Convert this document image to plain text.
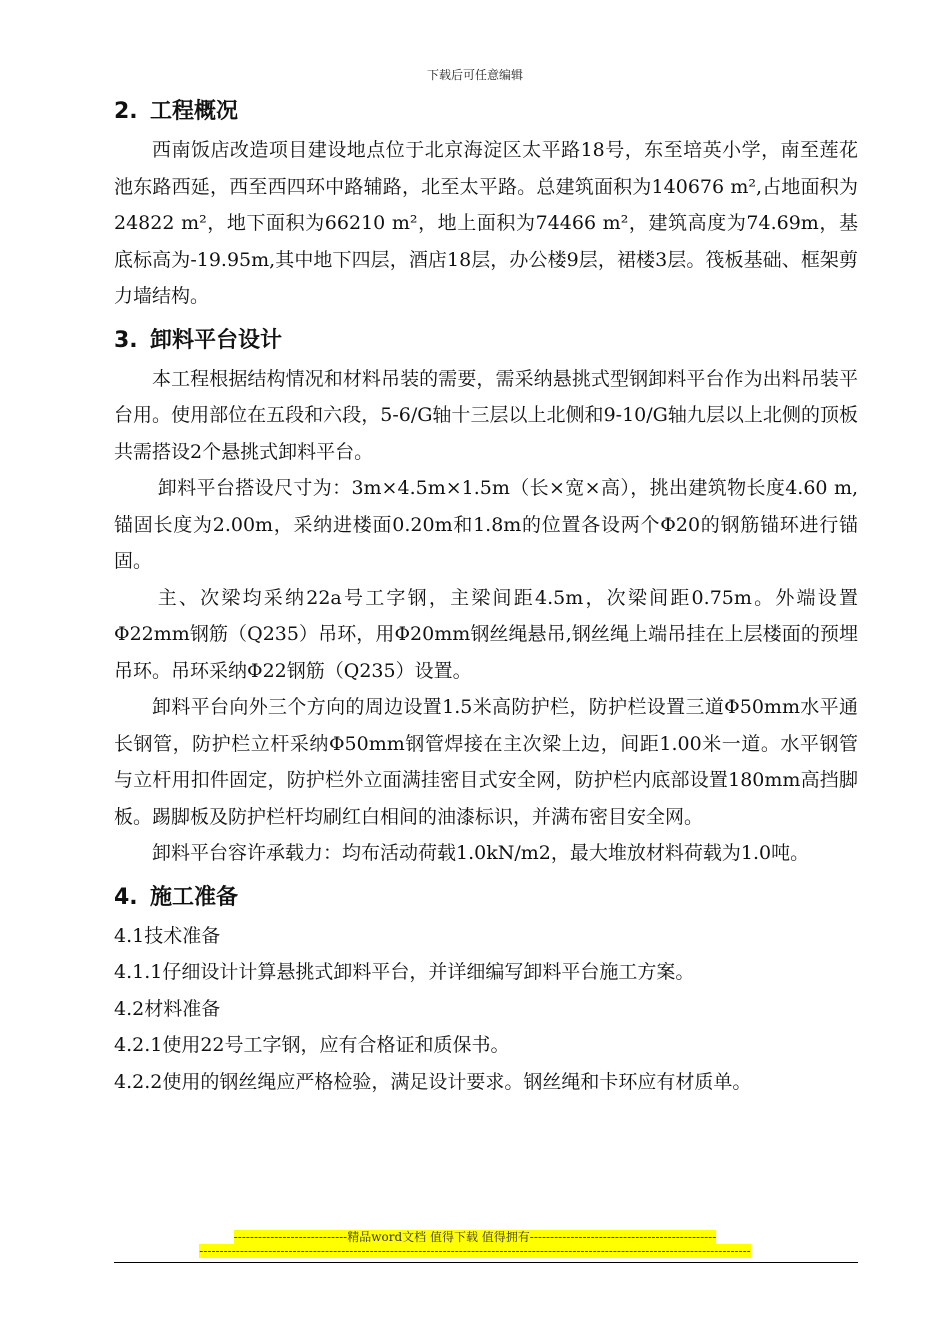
下载后可任意编辑
2. 工程概况

西南饭店改造项目建设地点位于北京海淀区太平路18号，东至培英小学，南至莲花池东路西延，西至西四环中路辅路，北至太平路。总建筑面积为140676 m²,占地面积为24822 m²，地下面积为66210 m²，地上面积为74466 m²，建筑高度为74.69m，基底标高为-19.95m,其中地下四层，酒店18层，办公楼9层，裙楼3层。筏板基础、框架剪力墙结构。

3. 卸料平台设计

本工程根据结构情况和材料吊装的需要，需采纳悬挑式型钢卸料平台作为出料吊装平台用。使用部位在五段和六段，5-6/G轴十三层以上北侧和9-10/G轴九层以上北侧的顶板共需搭设2个悬挑式卸料平台。

卸料平台搭设尺寸为：3m×4.5m×1.5m（长×宽×高），挑出建筑物长度4.60 m,锚固长度为2.00m，采纳进楼面0.20m和1.8m的位置各设两个Φ20的钢筋锚环进行锚固。

主、次梁均采纳22a号工字钢，主梁间距4.5m，次梁间距0.75m。外端设置Φ22mm钢筋（Q235）吊环，用Φ20mm钢丝绳悬吊,钢丝绳上端吊挂在上层楼面的预埋吊环。吊环采纳Φ22钢筋（Q235）设置。

卸料平台向外三个方向的周边设置1.5米高防护栏，防护栏设置三道Φ50mm水平通长钢管，防护栏立杆采纳Φ50mm钢管焊接在主次梁上边，间距1.00米一道。水平钢管与立杆用扣件固定，防护栏外立面满挂密目式安全网，防护栏内底部设置180mm高挡脚板。踢脚板及防护栏杆均刷红白相间的油漆标识，并满布密目安全网。

卸料平台容许承载力：均布活动荷载1.0kN/m2，最大堆放材料荷载为1.0吨。

4. 施工准备

4.1技术准备

4.1.1仔细设计计算悬挑式卸料平台，并详细编写卸料平台施工方案。

4.2材料准备

4.2.1使用22号工字钢，应有合格证和质保书。

4.2.2使用的钢丝绳应严格检验，满足设计要求。钢丝绳和卡环应有材质单。

----------------------------精品word文档 值得下载 值得拥有----------------------------------------------
----------------------------------------------------------------------------------------------------------------------------------------
